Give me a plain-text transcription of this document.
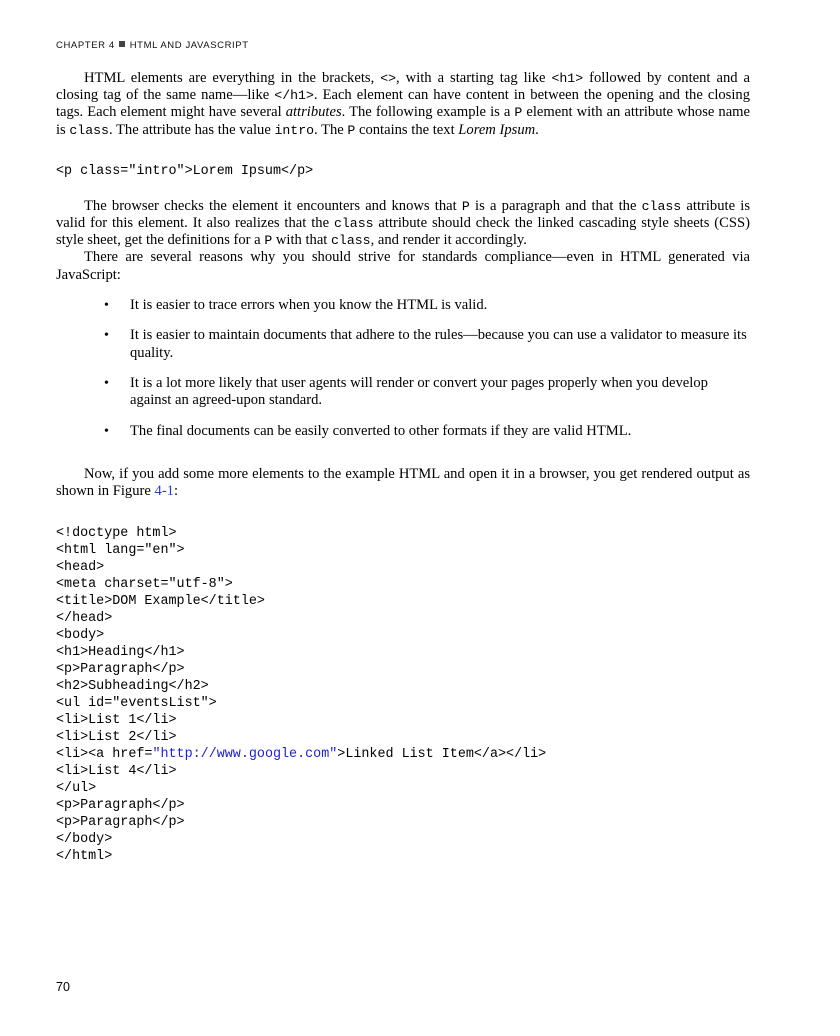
CHAPTER 4 HTML AND JAVASCRIPT

HTML elements are everything in the brackets, <>, with a starting tag like <h1> followed by content and a closing tag of the same name—like </h1>. Each element can have content in between the opening and the closing tags. Each element might have several attributes. The following example is a P element with an attribute whose name is class. The attribute has the value intro. The P contains the text Lorem Ipsum.

<p class="intro">Lorem Ipsum</p>

The browser checks the element it encounters and knows that P is a paragraph and that the class attribute is valid for this element. It also realizes that the class attribute should check the linked cascading style sheets (CSS) style sheet, get the definitions for a P with that class, and render it accordingly.

There are several reasons why you should strive for standards compliance—even in HTML generated via JavaScript:

• It is easier to trace errors when you know the HTML is valid.
• It is easier to maintain documents that adhere to the rules—because you can use a validator to measure its quality.
• It is a lot more likely that user agents will render or convert your pages properly when you develop against an agreed-upon standard.
• The final documents can be easily converted to other formats if they are valid HTML.

Now, if you add some more elements to the example HTML and open it in a browser, you get rendered output as shown in Figure 4-1:

<!doctype html>
<html lang="en">
<head>
<meta charset="utf-8">
<title>DOM Example</title>
</head>
<body>
<h1>Heading</h1>
<p>Paragraph</p>
<h2>Subheading</h2>
<ul id="eventsList">
<li>List 1</li>
<li>List 2</li>
<li><a href="http://www.google.com">Linked List Item</a></li>
<li>List 4</li>
</ul>
<p>Paragraph</p>
<p>Paragraph</p>
</body>
</html>
70
